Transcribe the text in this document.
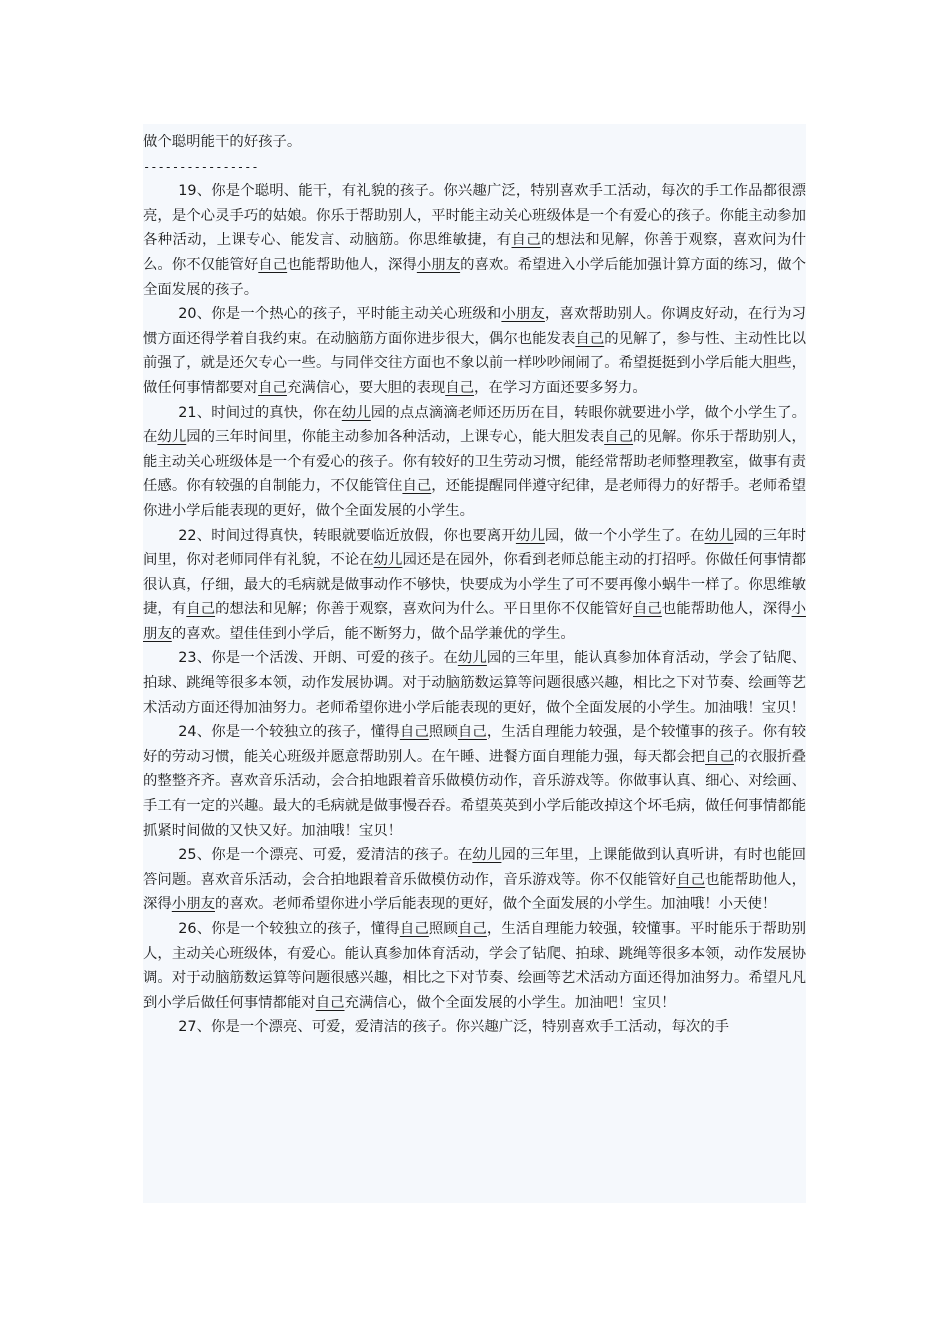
做个聪明能干的好孩子。

----------------

19、你是个聪明、能干，有礼貌的孩子。你兴趣广泛，特别喜欢手工活动，每次的手工作品都很漂亮，是个心灵手巧的姑娘。你乐于帮助别人，平时能主动关心班级体是一个有爱心的孩子。你能主动参加各种活动，上课专心、能发言、动脑筋。你思维敏捷，有自己的想法和见解，你善于观察，喜欢问为什么。你不仅能管好自己也能帮助他人，深得小朋友的喜欢。希望进入小学后能加强计算方面的练习，做个全面发展的孩子。

20、你是一个热心的孩子，平时能主动关心班级和小朋友，喜欢帮助别人。你调皮好动，在行为习惯方面还得学着自我约束。在动脑筋方面你进步很大，偶尔也能发表自己的见解了，参与性、主动性比以前强了，就是还欠专心一些。与同伴交往方面也不象以前一样吵吵闹闹了。希望挺挺到小学后能大胆些，做任何事情都要对自己充满信心，要大胆的表现自己，在学习方面还要多努力。

21、时间过的真快，你在幼儿园的点点滴滴老师还历历在目，转眼你就要进小学，做个小学生了。在幼儿园的三年时间里，你能主动参加各种活动，上课专心，能大胆发表自己的见解。你乐于帮助别人，能主动关心班级体是一个有爱心的孩子。你有较好的卫生劳动习惯，能经常帮助老师整理教室，做事有责任感。你有较强的自制能力，不仅能管住自己，还能提醒同伴遵守纪律，是老师得力的好帮手。老师希望你进小学后能表现的更好，做个全面发展的小学生。

22、时间过得真快，转眼就要临近放假，你也要离开幼儿园，做一个小学生了。在幼儿园的三年时间里，你对老师同伴有礼貌，不论在幼儿园还是在园外，你看到老师总能主动的打招呼。你做任何事情都很认真，仔细，最大的毛病就是做事动作不够快，快要成为小学生了可不要再像小蜗牛一样了。你思维敏捷，有自己的想法和见解；你善于观察，喜欢问为什么。平日里你不仅能管好自己也能帮助他人，深得小朋友的喜欢。望佳佳到小学后，能不断努力，做个品学兼优的学生。

23、你是一个活泼、开朗、可爱的孩子。在幼儿园的三年里，能认真参加体育活动，学会了钻爬、拍球、跳绳等很多本领，动作发展协调。对于动脑筋数运算等问题很感兴趣，相比之下对节奏、绘画等艺术活动方面还得加油努力。老师希望你进小学后能表现的更好，做个全面发展的小学生。加油哦！宝贝！

24、你是一个较独立的孩子，懂得自己照顾自己，生活自理能力较强，是个较懂事的孩子。你有较好的劳动习惯，能关心班级并愿意帮助别人。在午睡、进餐方面自理能力强，每天都会把自己的衣服折叠的整整齐齐。喜欢音乐活动，会合拍地跟着音乐做模仿动作，音乐游戏等。你做事认真、细心、对绘画、手工有一定的兴趣。最大的毛病就是做事慢吞吞。希望英英到小学后能改掉这个坏毛病，做任何事情都能抓紧时间做的又快又好。加油哦！宝贝！

25、你是一个漂亮、可爱，爱清洁的孩子。在幼儿园的三年里，上课能做到认真听讲，有时也能回答问题。喜欢音乐活动，会合拍地跟着音乐做模仿动作，音乐游戏等。你不仅能管好自己也能帮助他人，深得小朋友的喜欢。老师希望你进小学后能表现的更好，做个全面发展的小学生。加油哦！小天使！

26、你是一个较独立的孩子，懂得自己照顾自己，生活自理能力较强，较懂事。平时能乐于帮助别人，主动关心班级体，有爱心。能认真参加体育活动，学会了钻爬、拍球、跳绳等很多本领，动作发展协调。对于动脑筋数运算等问题很感兴趣，相比之下对节奏、绘画等艺术活动方面还得加油努力。希望凡凡到小学后做任何事情都能对自己充满信心，做个全面发展的小学生。加油吧！宝贝！

27、你是一个漂亮、可爱，爱清洁的孩子。你兴趣广泛，特别喜欢手工活动，每次的手
